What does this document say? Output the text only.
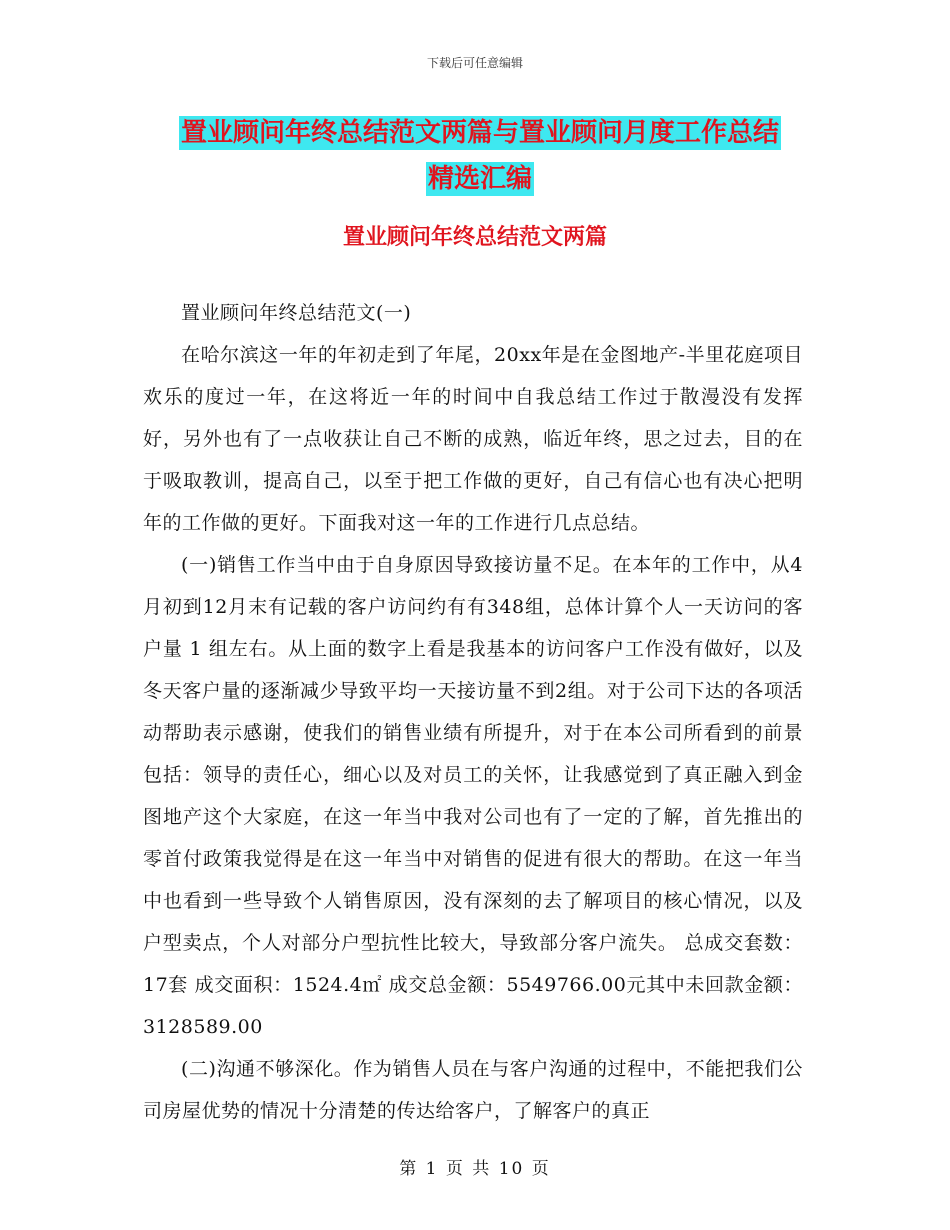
下载后可任意编辑
置业顾问年终总结范文两篇与置业顾问月度工作总结
精选汇编
置业顾问年终总结范文两篇

置业顾问年终总结范文(一)

在哈尔滨这一年的年初走到了年尾，20xx年是在金图地产-半里花庭项目欢乐的度过一年，在这将近一年的时间中自我总结工作过于散漫没有发挥好，另外也有了一点收获让自己不断的成熟，临近年终，思之过去，目的在于吸取教训，提高自己，以至于把工作做的更好，自己有信心也有决心把明年的工作做的更好。下面我对这一年的工作进行几点总结。

(一)销售工作当中由于自身原因导致接访量不足。在本年的工作中，从4月初到12月末有记载的客户访问约有有348组，总体计算个人一天访问的客户量 1 组左右。从上面的数字上看是我基本的访问客户工作没有做好，以及冬天客户量的逐渐减少导致平均一天接访量不到2组。对于公司下达的各项活动帮助表示感谢，使我们的销售业绩有所提升，对于在本公司所看到的前景包括：领导的责任心，细心以及对员工的关怀，让我感觉到了真正融入到金图地产这个大家庭，在这一年当中我对公司也有了一定的了解，首先推出的零首付政策我觉得是在这一年当中对销售的促进有很大的帮助。在这一年当中也看到一些导致个人销售原因，没有深刻的去了解项目的核心情况，以及户型卖点，个人对部分户型抗性比较大，导致部分客户流失。 总成交套数：17套 成交面积：1524.4㎡ 成交总金额：5549766.00元其中未回款金额：3128589.00

(二)沟通不够深化。作为销售人员在与客户沟通的过程中，不能把我们公司房屋优势的情况十分清楚的传达给客户，了解客户的真正

第 1 页 共 10 页
